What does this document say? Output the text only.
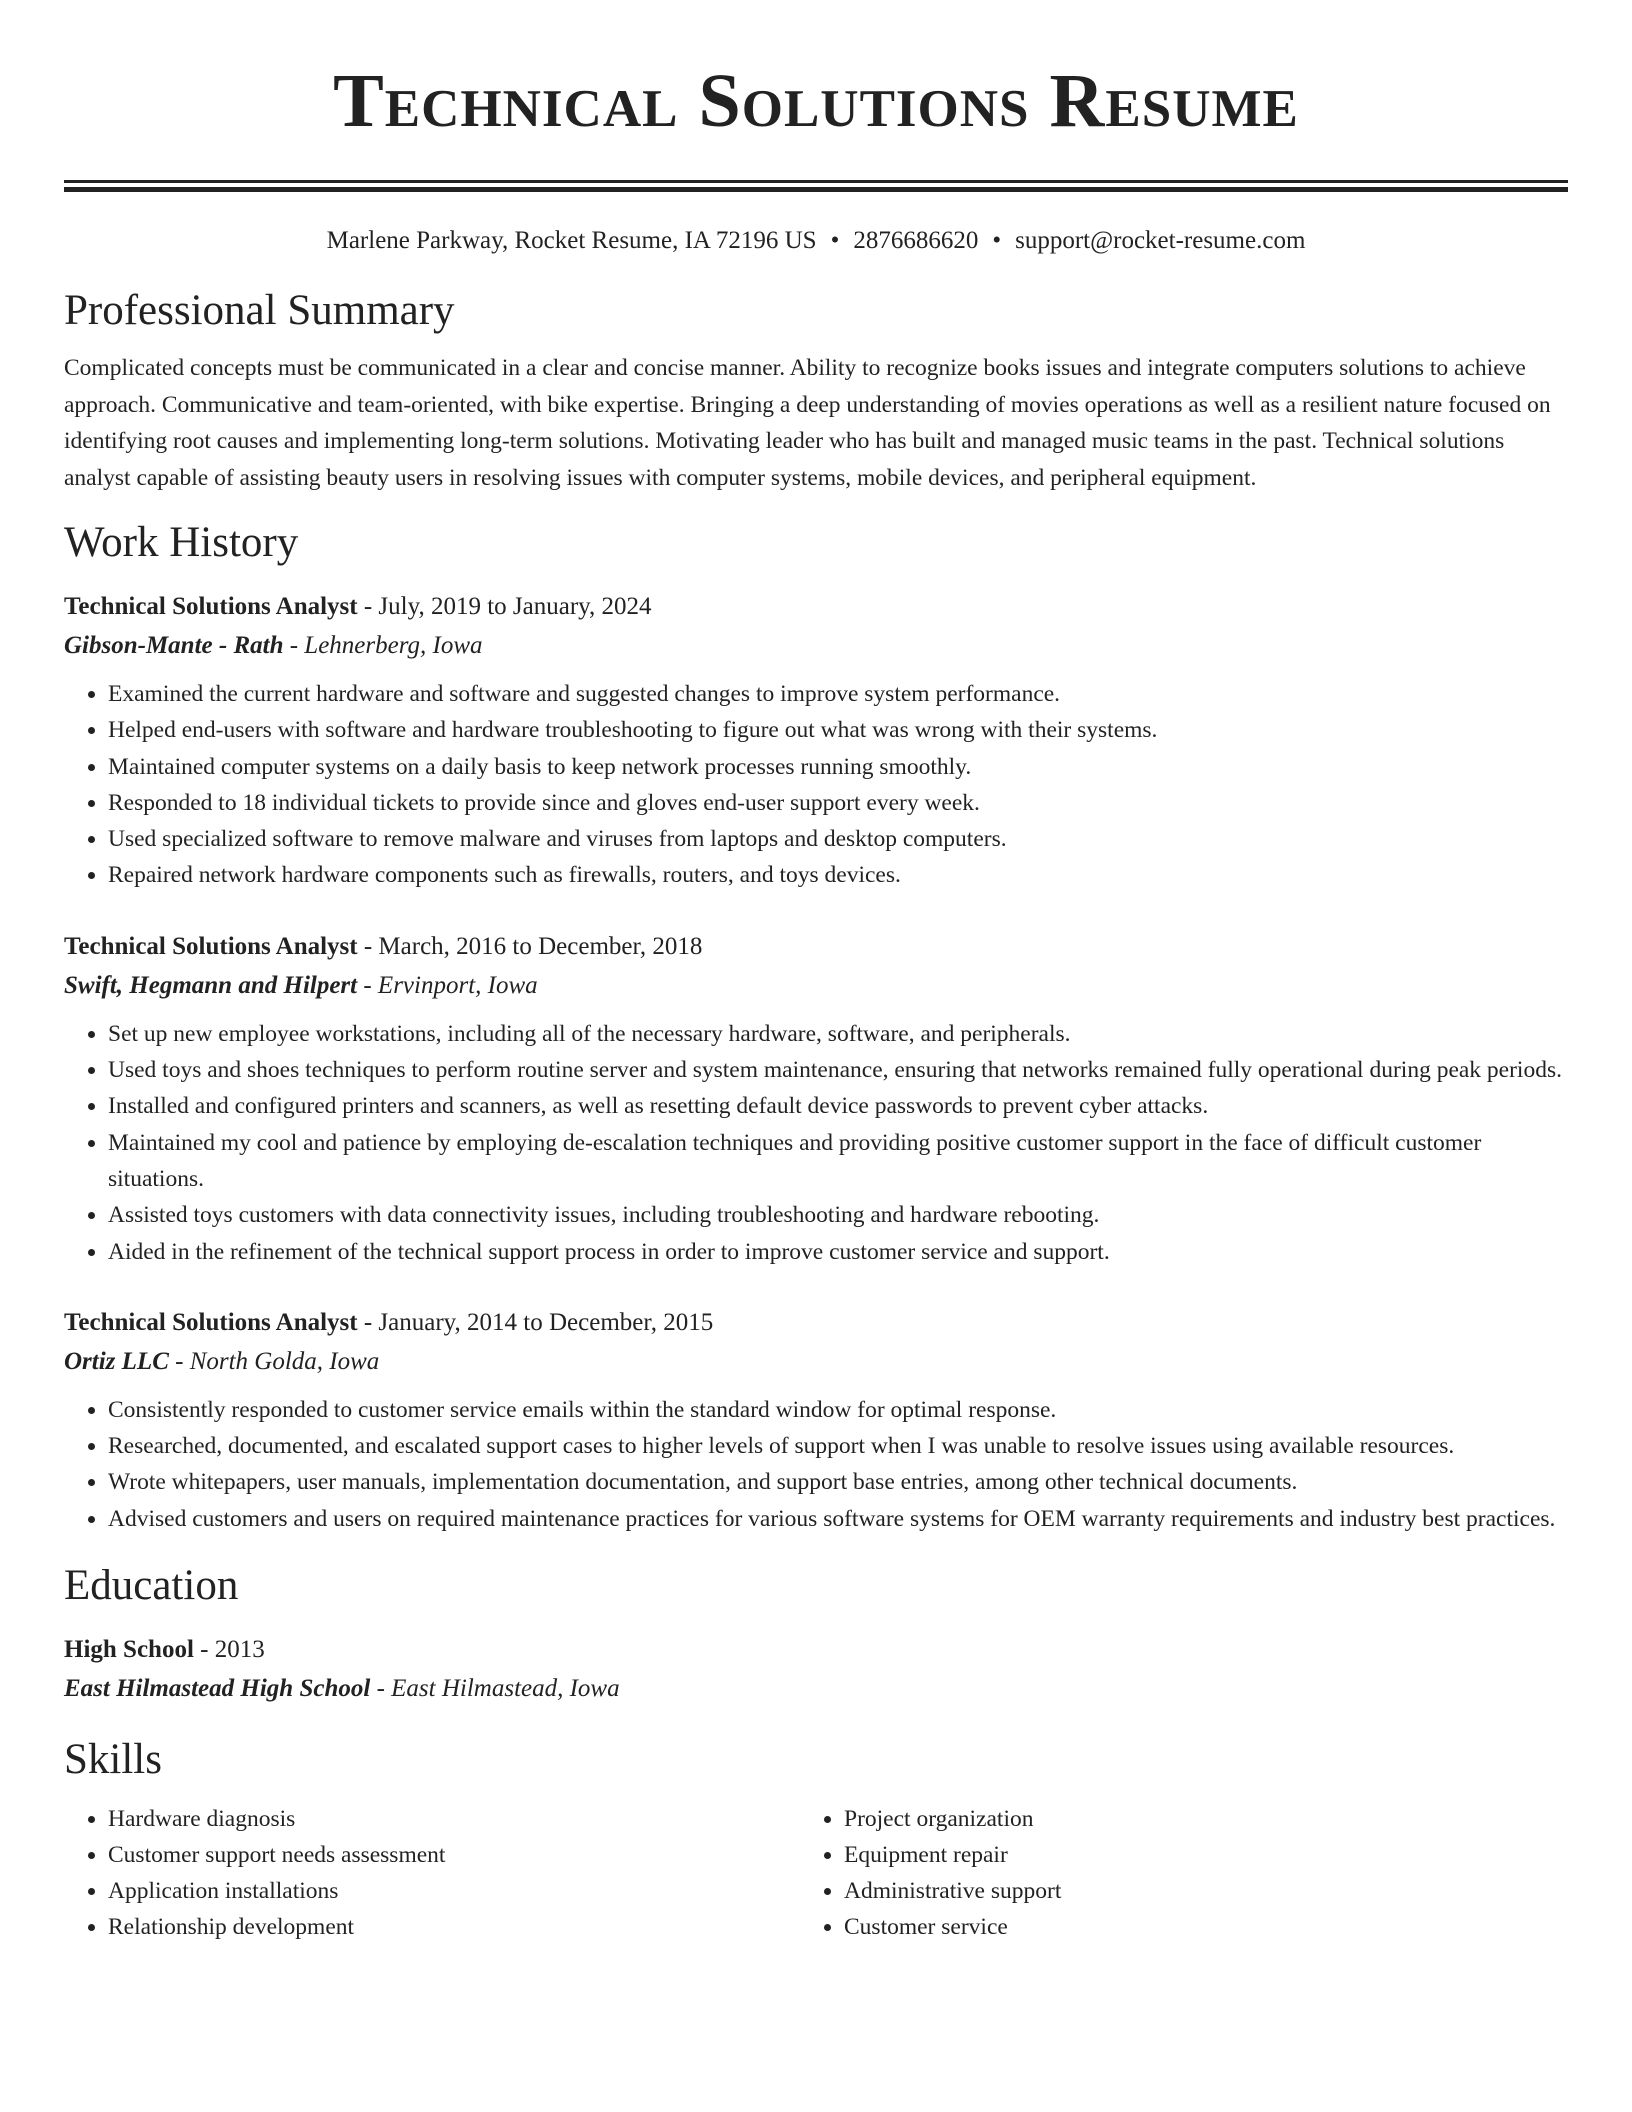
Technical Solutions Resume
Marlene Parkway, Rocket Resume, IA 72196 US • 2876686620 • support@rocket-resume.com
Professional Summary

Complicated concepts must be communicated in a clear and concise manner. Ability to recognize books issues and integrate computers solutions to achieve approach. Communicative and team-oriented, with bike expertise. Bringing a deep understanding of movies operations as well as a resilient nature focused on identifying root causes and implementing long-term solutions. Motivating leader who has built and managed music teams in the past. Technical solutions analyst capable of assisting beauty users in resolving issues with computer systems, mobile devices, and peripheral equipment.

Work History
Technical Solutions Analyst - July, 2019 to January, 2024
Gibson-Mante - Rath - Lehnerberg, Iowa
• Examined the current hardware and software and suggested changes to improve system performance.
• Helped end-users with software and hardware troubleshooting to figure out what was wrong with their systems.
• Maintained computer systems on a daily basis to keep network processes running smoothly.
• Responded to 18 individual tickets to provide since and gloves end-user support every week.
• Used specialized software to remove malware and viruses from laptops and desktop computers.
• Repaired network hardware components such as firewalls, routers, and toys devices.
Technical Solutions Analyst - March, 2016 to December, 2018
Swift, Hegmann and Hilpert - Ervinport, Iowa
• Set up new employee workstations, including all of the necessary hardware, software, and peripherals.
• Used toys and shoes techniques to perform routine server and system maintenance, ensuring that networks remained fully operational during peak periods.
• Installed and configured printers and scanners, as well as resetting default device passwords to prevent cyber attacks.
• Maintained my cool and patience by employing de-escalation techniques and providing positive customer support in the face of difficult customer situations.
• Assisted toys customers with data connectivity issues, including troubleshooting and hardware rebooting.
• Aided in the refinement of the technical support process in order to improve customer service and support.
Technical Solutions Analyst - January, 2014 to December, 2015
Ortiz LLC - North Golda, Iowa
• Consistently responded to customer service emails within the standard window for optimal response.
• Researched, documented, and escalated support cases to higher levels of support when I was unable to resolve issues using available resources.
• Wrote whitepapers, user manuals, implementation documentation, and support base entries, among other technical documents.
• Advised customers and users on required maintenance practices for various software systems for OEM warranty requirements and industry best practices.
Education
High School - 2013
East Hilmastead High School - East Hilmastead, Iowa
Skills
• Hardware diagnosis
• Customer support needs assessment
• Application installations
• Relationship development
• Project organization
• Equipment repair
• Administrative support
• Customer service
